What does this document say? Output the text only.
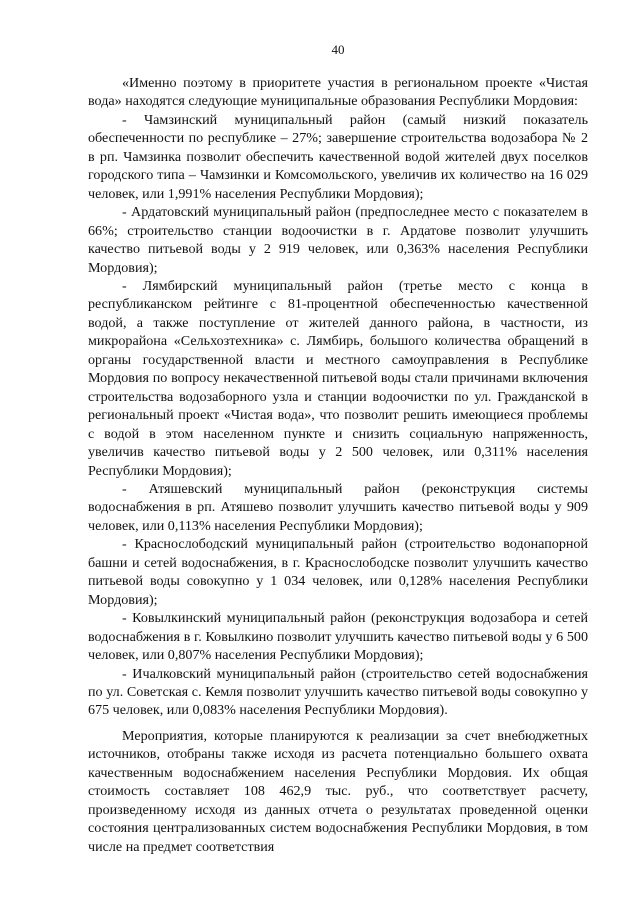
40

«Именно поэтому в приоритете участия в региональном проекте «Чистая вода» находятся следующие муниципальные образования Республики Мордовия:

- Чамзинский муниципальный район (самый низкий показатель обеспеченности по республике – 27%; завершение строительства водозабора № 2 в рп. Чамзинка позволит обеспечить качественной водой жителей двух поселков городского типа – Чамзинки и Комсомольского, увеличив их количество на 16 029 человек, или 1,991% населения Республики Мордовия);

- Ардатовский муниципальный район (предпоследнее место с показателем в 66%; строительство станции водоочистки в г. Ардатове позволит улучшить качество питьевой воды у 2 919 человек, или 0,363% населения Республики Мордовия);

- Лямбирский муниципальный район (третье место с конца в республиканском рейтинге с 81-процентной обеспеченностью качественной водой, а также поступление от жителей данного района, в частности, из микрорайона «Сельхозтехника» с. Лямбирь, большого количества обращений в органы государственной власти и местного самоуправления в Республике Мордовия по вопросу некачественной питьевой воды стали причинами включения строительства водозаборного узла и станции водоочистки по ул. Гражданской в региональный проект «Чистая вода», что позволит решить имеющиеся проблемы с водой в этом населенном пункте и снизить социальную напряженность, увеличив качество питьевой воды у 2 500 человек, или 0,311% населения Республики Мордовия);

- Атяшевский муниципальный район (реконструкция системы водоснабжения в рп. Атяшево позволит улучшить качество питьевой воды у 909 человек, или 0,113% населения Республики Мордовия);

- Краснослободский муниципальный район (строительство водонапорной башни и сетей водоснабжения, в г. Краснослободске позволит улучшить качество питьевой воды совокупно у 1 034 человек, или 0,128% населения Республики Мордовия);

- Ковылкинский муниципальный район (реконструкция водозабора и сетей водоснабжения в г. Ковылкино позволит улучшить качество питьевой воды у 6 500 человек, или 0,807% населения Республики Мордовия);

- Ичалковский муниципальный район (строительство сетей водоснабжения по ул. Советская с. Кемля позволит улучшить качество питьевой воды совокупно у 675 человек, или 0,083% населения Республики Мордовия).

Мероприятия, которые планируются к реализации за счет внебюджетных источников, отобраны также исходя из расчета потенциально большего охвата качественным водоснабжением населения Республики Мордовия. Их общая стоимость составляет 108 462,9 тыс. руб., что соответствует расчету, произведенному исходя из данных отчета о результатах проведенной оценки состояния централизованных систем водоснабжения Республики Мордовия, в том числе на предмет соответствия
